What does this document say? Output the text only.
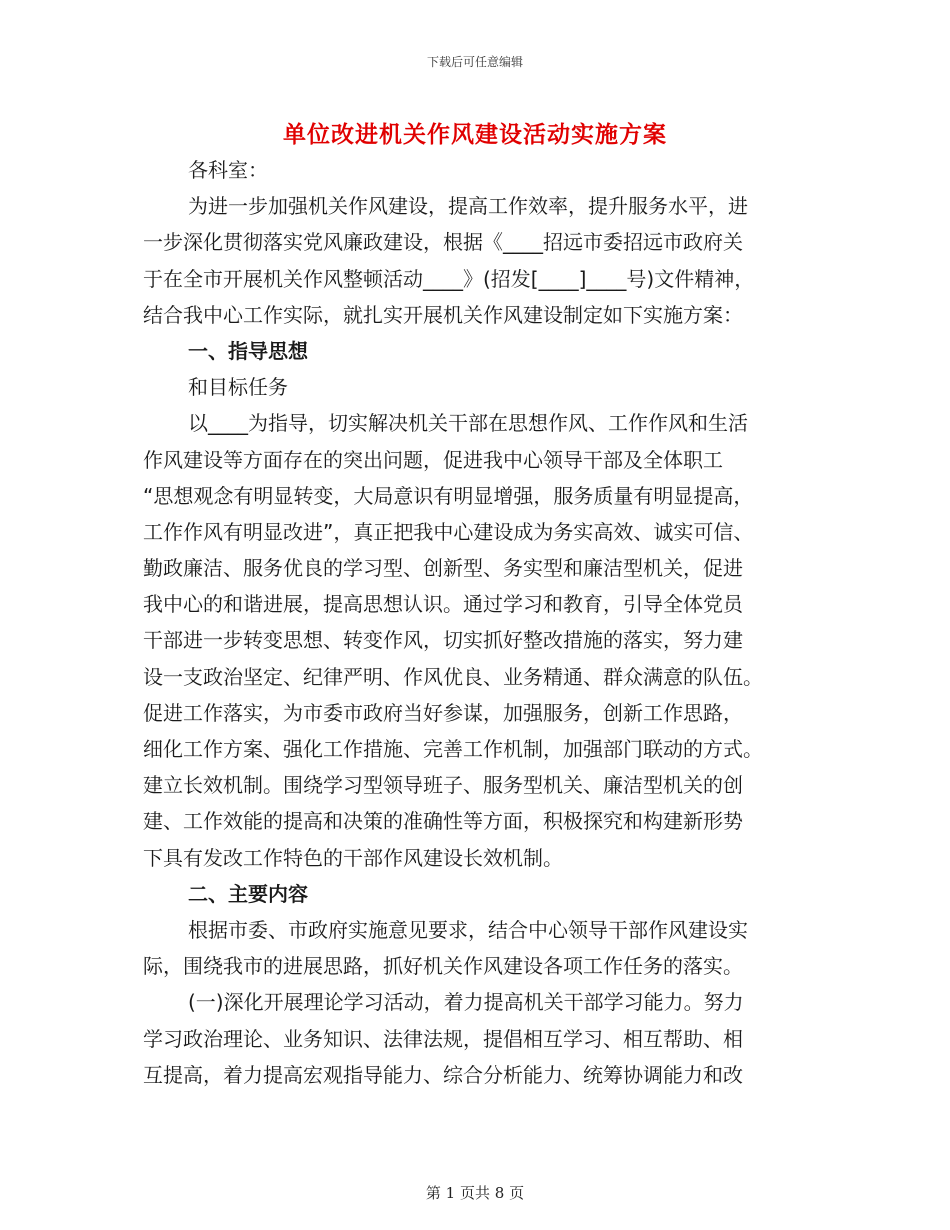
下载后可任意编辑
单位改进机关作风建设活动实施方案
各科室：
为进一步加强机关作风建设，提高工作效率，提升服务水平，进
一步深化贯彻落实党风廉政建设，根据《____招远市委招远市政府关
于在全市开展机关作风整顿活动____》(招发[____]____号)文件精神，
结合我中心工作实际，就扎实开展机关作风建设制定如下实施方案：
一、指导思想
和目标任务
以____为指导，切实解决机关干部在思想作风、工作作风和生活
作风建设等方面存在的突出问题，促进我中心领导干部及全体职工
“思想观念有明显转变，大局意识有明显增强，服务质量有明显提高，
工作作风有明显改进”，真正把我中心建设成为务实高效、诚实可信、
勤政廉洁、服务优良的学习型、创新型、务实型和廉洁型机关，促进
我中心的和谐进展，提高思想认识。通过学习和教育，引导全体党员
干部进一步转变思想、转变作风，切实抓好整改措施的落实，努力建
设一支政治坚定、纪律严明、作风优良、业务精通、群众满意的队伍。
促进工作落实，为市委市政府当好参谋，加强服务，创新工作思路，
细化工作方案、强化工作措施、完善工作机制，加强部门联动的方式。
建立长效机制。围绕学习型领导班子、服务型机关、廉洁型机关的创
建、工作效能的提高和决策的准确性等方面，积极探究和构建新形势
下具有发改工作特色的干部作风建设长效机制。
二、主要内容
根据市委、市政府实施意见要求，结合中心领导干部作风建设实
际，围绕我市的进展思路，抓好机关作风建设各项工作任务的落实。
(一)深化开展理论学习活动，着力提高机关干部学习能力。努力
学习政治理论、业务知识、法律法规，提倡相互学习、相互帮助、相
互提高，着力提高宏观指导能力、综合分析能力、统筹协调能力和改
第 1 页共 8 页
